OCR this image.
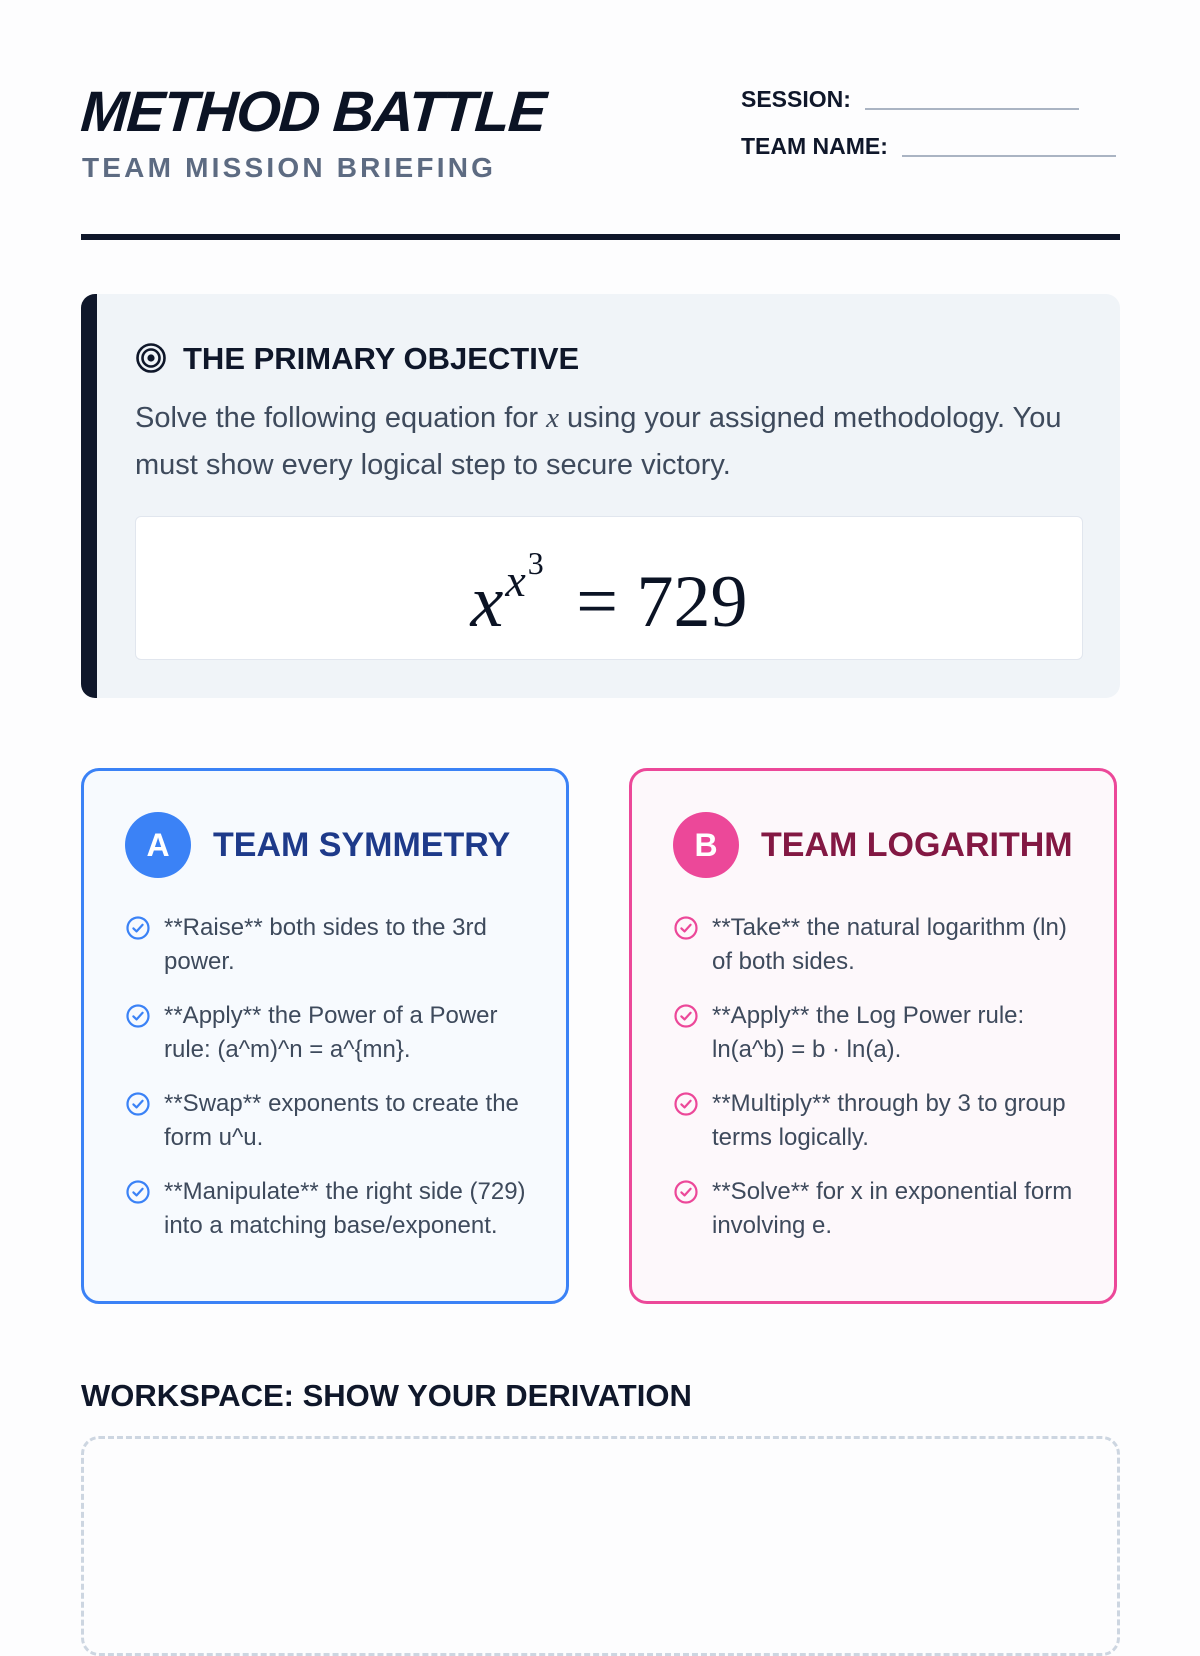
METHOD BATTLE
TEAM MISSION BRIEFING
SESSION:
TEAM NAME:
THE PRIMARY OBJECTIVE
Solve the following equation for x using your assigned methodology. You must show every logical step to secure victory.
$x^{x^3} = 729$
A	TEAM SYMMETRY
**Raise** both sides to the 3rd power.
**Apply** the Power of a Power rule: (a^m)^n = a^{mn}.
**Swap** exponents to create the form u^u.
**Manipulate** the right side (729) into a matching base/exponent.
B	TEAM LOGARITHM
**Take** the natural logarithm (ln) of both sides.
**Apply** the Log Power rule: ln(a^b) = b · ln(a).
**Multiply** through by 3 to group terms logically.
**Solve** for x in exponential form involving e.
WORKSPACE: SHOW YOUR DERIVATION
